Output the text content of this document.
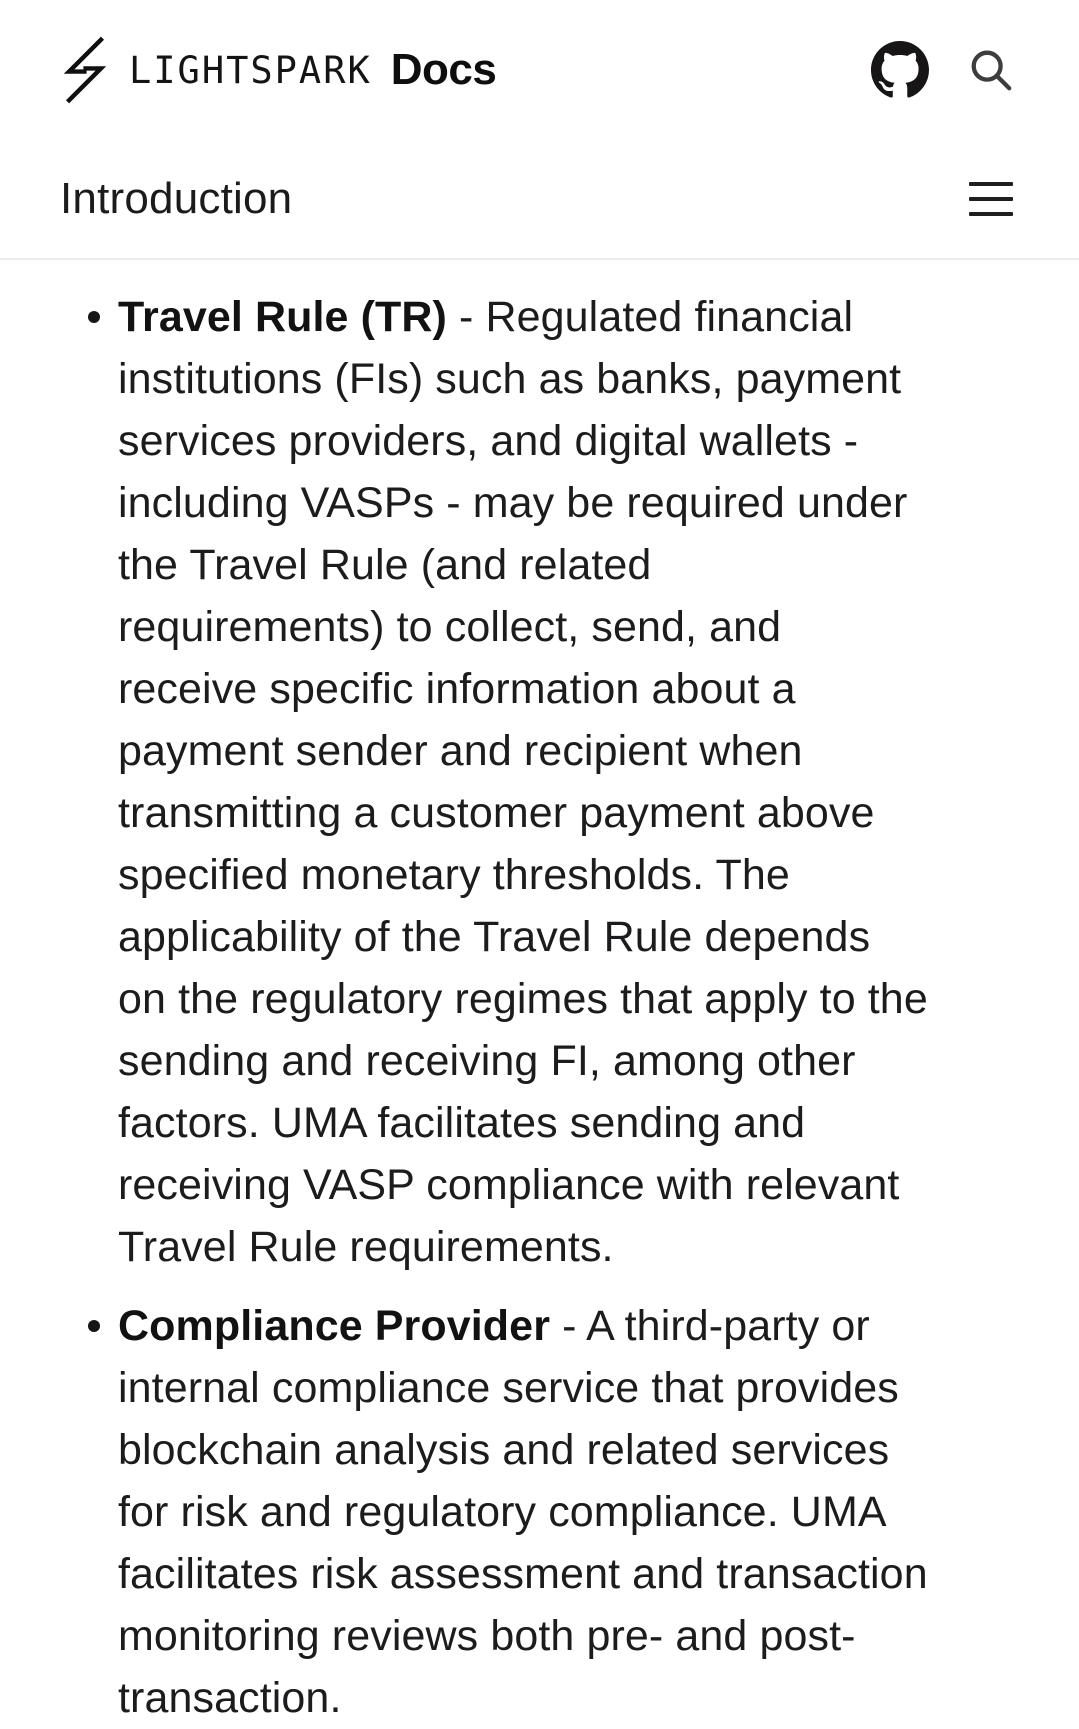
LIGHTSPARK Docs
Introduction
Travel Rule (TR) - Regulated financial institutions (FIs) such as banks, payment services providers, and digital wallets - including VASPs - may be required under the Travel Rule (and related requirements) to collect, send, and receive specific information about a payment sender and recipient when transmitting a customer payment above specified monetary thresholds. The applicability of the Travel Rule depends on the regulatory regimes that apply to the sending and receiving FI, among other factors. UMA facilitates sending and receiving VASP compliance with relevant Travel Rule requirements.
Compliance Provider - A third-party or internal compliance service that provides blockchain analysis and related services for risk and regulatory compliance. UMA facilitates risk assessment and transaction monitoring reviews both pre- and post-transaction.
